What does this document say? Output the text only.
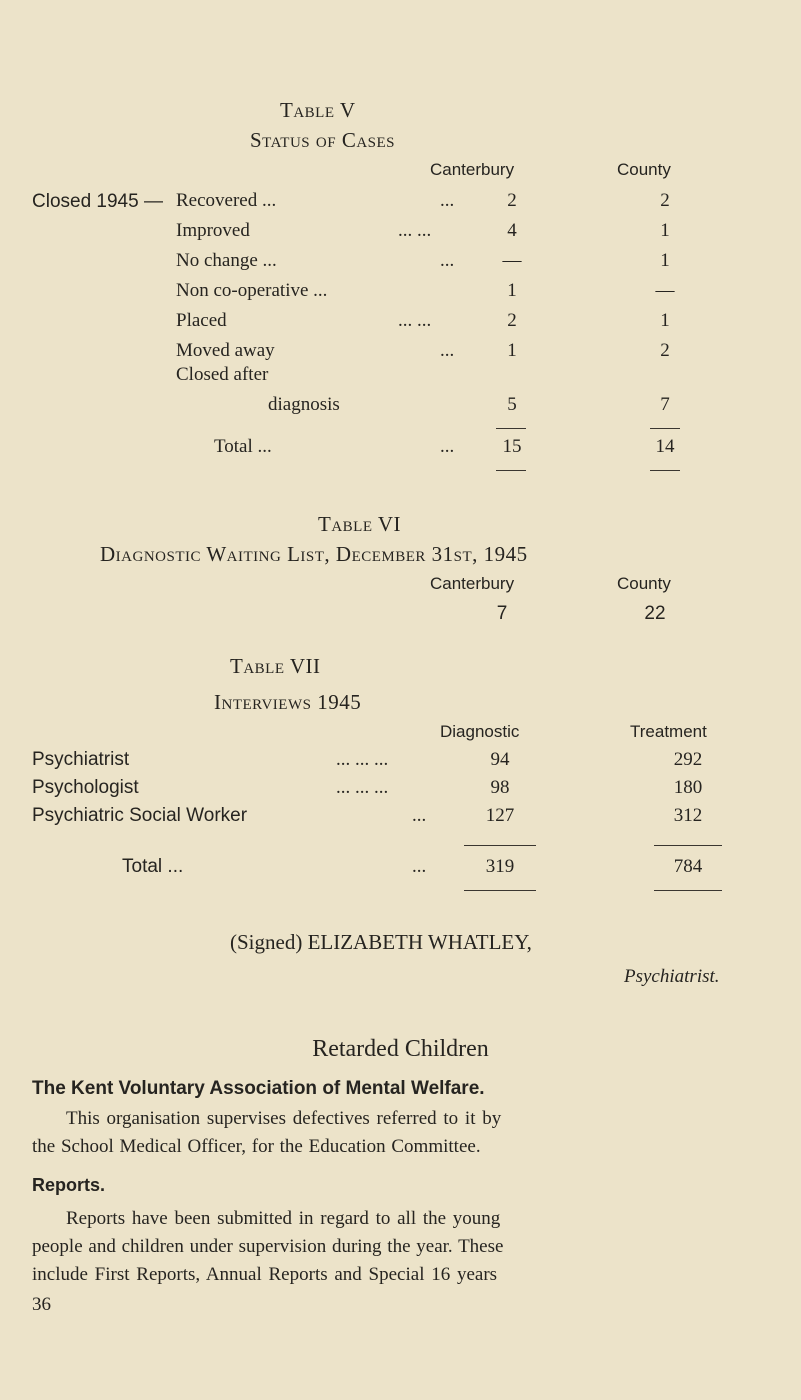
Table V
Status of Cases
Canterbury	County
Closed 1945 — Recovered ...	...	2	2
Improved	... ...	4	1
No change ...	...	—	1
Non co-operative ...	1	—
Placed	... ...	2	1
Moved away	...	1	2
Closed after
diagnosis	5	7
Total ...	...	15	14
Table VI
Diagnostic Waiting List, December 31st, 1945
Canterbury	County
7	22
Table VII
Interviews 1945
Diagnostic	Treatment
Psychiatrist	... ... ...	94	292
Psychologist	... ... ...	98	180
Psychiatric Social Worker	...	127	312
Total ...	...	319	784
(Signed) ELIZABETH WHATLEY,
Psychiatrist.
Retarded Children
The Kent Voluntary Association of Mental Welfare.
This organisation supervises defectives referred to it by
the School Medical Officer, for the Education Committee.
Reports.
Reports have been submitted in regard to all the young
people and children under supervision during the year. These
include First Reports, Annual Reports and Special 16 years
36
